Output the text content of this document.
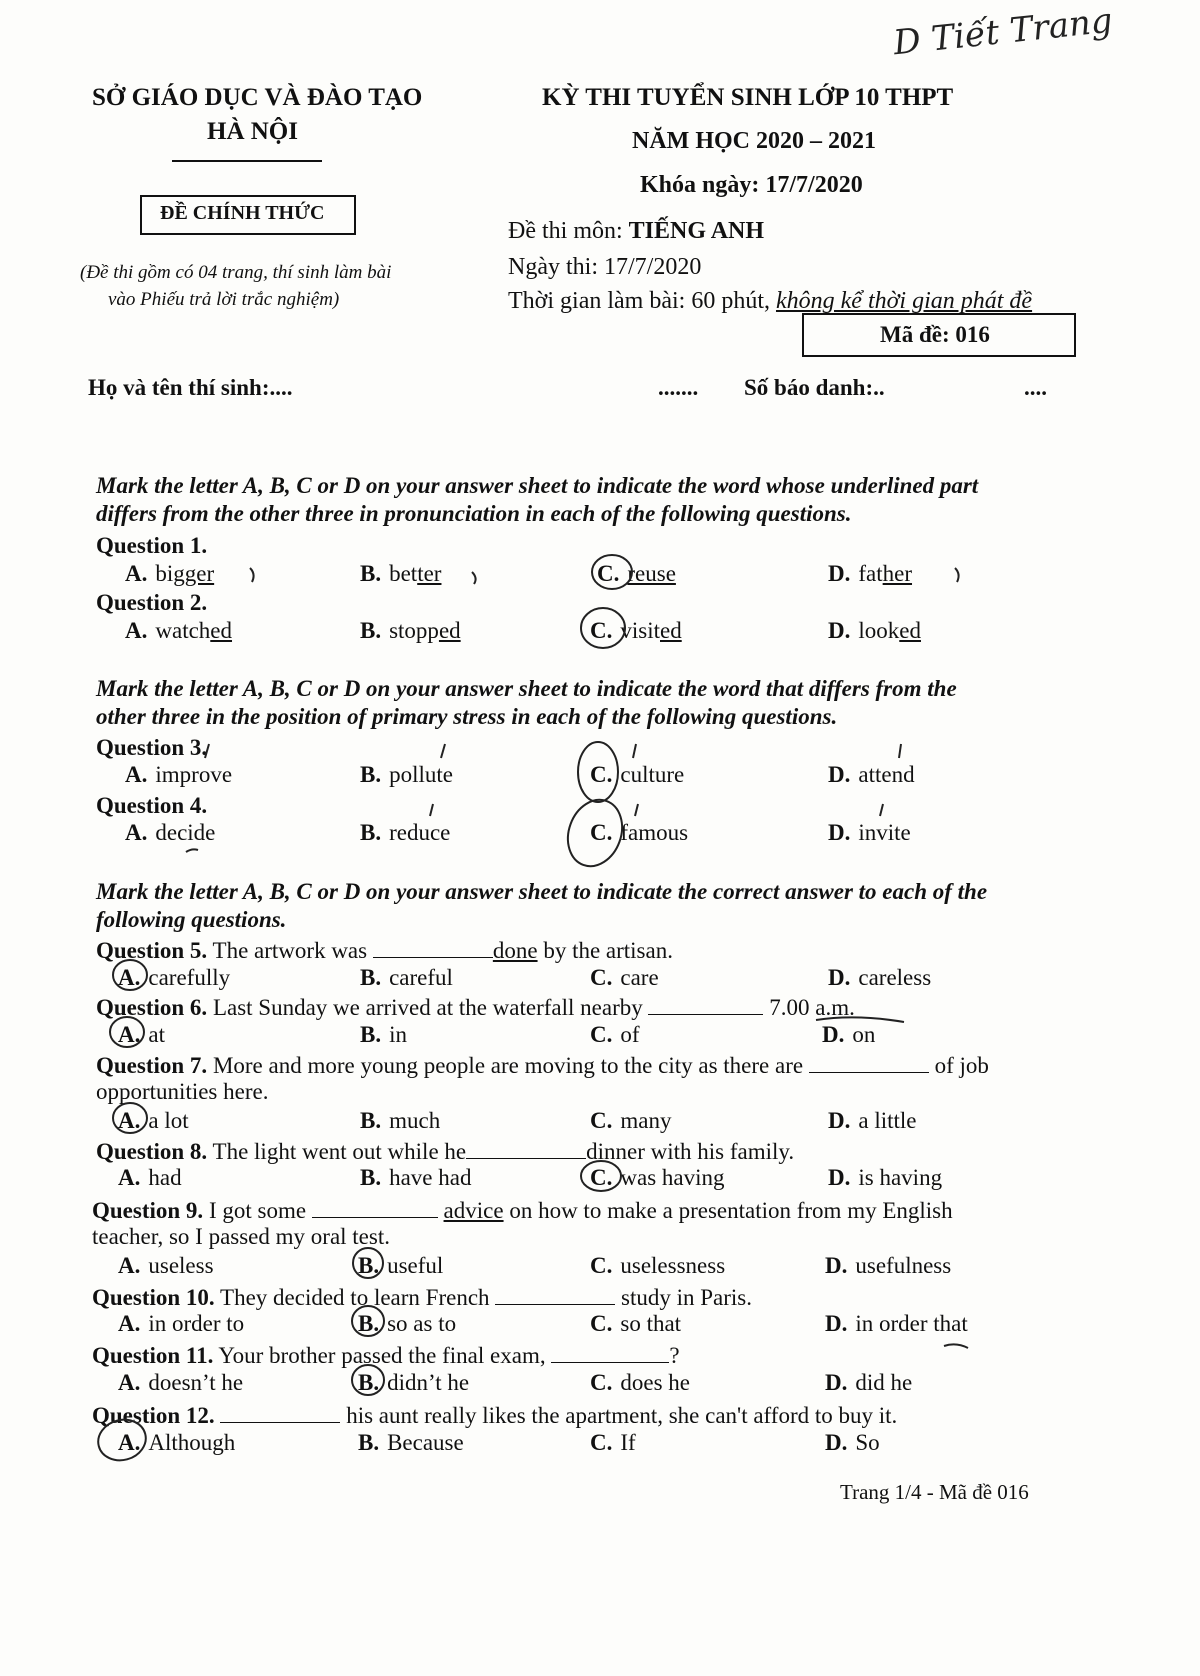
SỞ GIÁO DỤC VÀ ĐÀO TẠO
HÀ NỘI
ĐỀ CHÍNH THỨC
(Đề thi gồm có 04 trang, thí sinh làm bài
vào Phiếu trả lời trắc nghiệm)
D Tiết Trang
KỲ THI TUYỂN SINH LỚP 10 THPT
NĂM HỌC 2020 – 2021
Khóa ngày: 17/7/2020
Đề thi môn: TIẾNG ANH
Ngày thi: 17/7/2020
Thời gian làm bài: 60 phút, không kể thời gian phát đề
Mã đề: 016
Họ và tên thí sinh:....	....... Số báo danh:..	....
Mark the letter A, B, C or D on your answer sheet to indicate the word whose underlined part
differs from the other three in pronunciation in each of the following questions.
Question 1.
A. bigger	B. better	C. reuse	D. father
Question 2.
A. watched	B. stopped	C. visited	D. looked
Mark the letter A, B, C or D on your answer sheet to indicate the word that differs from the
other three in the position of primary stress in each of the following questions.
Question 3.
A. improve	B. pollute	C. culture	D. attend
Question 4.
A. decide	B. reduce	C. famous	D. invite
Mark the letter A, B, C or D on your answer sheet to indicate the correct answer to each of the
following questions.
Question 5. The artwork was	done by the artisan.
A. carefully	B. careful	C. care	D. careless
Question 6. Last Sunday we arrived at the waterfall nearby	7.00 a.m.
A. at	B. in	C. of	D. on
Question 7. More and more young people are moving to the city as there are	of job
opportunities here.
A. a lot	B. much	C. many	D. a little
Question 8. The light went out while he	dinner with his family.
A. had	B. have had	C. was having	D. is having
Question 9. I got some	advice on how to make a presentation from my English
teacher, so I passed my oral test.
A. useless	B. useful	C. uselessness	D. usefulness
Question 10. They decided to learn French	study in Paris.
A. in order to	B. so as to	C. so that	D. in order that
Question 11. Your brother passed the final exam,	?
A. doesn’t he	B. didn’t he	C. does he	D. did he
Question 12.	his aunt really likes the apartment, she can't afford to buy it.
A. Although	B. Because	C. If	D. So
Trang 1/4 - Mã đề 016
